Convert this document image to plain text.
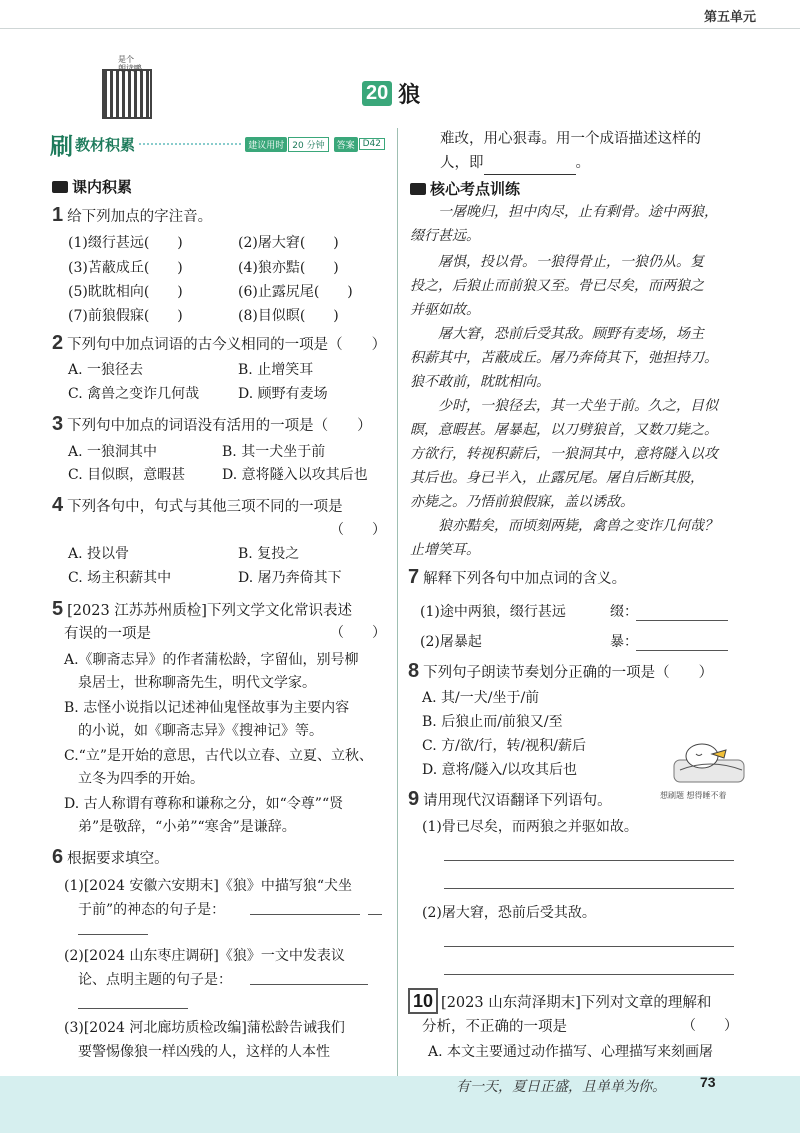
第五单元
是个
朗读鸭
20 狼
刷 教材积累	建议用时 20 分钟	答案 D42
课内积累
1 给下列加点的字注音。
(1)缀行甚远(　　)	(2)屠大窘(　　)
(3)苫蔽成丘(　　)	(4)狼亦黠(　　)
(5)眈眈相向(　　)	(6)止露尻尾(　　)
(7)前狼假寐(　　)	(8)目似瞑(　　)
2 下列句中加点词语的古今义相同的一项是（　　）
A. 一狼径去	B. 止增笑耳
C. 禽兽之变诈几何哉	D. 顾野有麦场
3 下列句中加点的词语没有活用的一项是（　　）
A. 一狼洞其中	B. 其一犬坐于前
C. 目似瞑，意暇甚	D. 意将隧入以攻其后也
4 下列各句中，句式与其他三项不同的一项是
（　　）
A. 投以骨	B. 复投之
C. 场主积薪其中	D. 屠乃奔倚其下
5 [2023 江苏苏州质检]下列文学文化常识表述
有误的一项是	（　　）
A.《聊斋志异》的作者蒲松龄，字留仙，别号柳
泉居士，世称聊斋先生，明代文学家。
B. 志怪小说指以记述神仙鬼怪故事为主要内容
的小说，如《聊斋志异》《搜神记》等。
C.“立”是开始的意思，古代以立春、立夏、立秋、
立冬为四季的开始。
D. 古人称谓有尊称和谦称之分，如“令尊”“贤
弟”是敬辞，“小弟”“寒舍”是谦辞。
6 根据要求填空。
(1)[2024 安徽六安期末]《狼》中描写狼“犬坐
于前”的神态的句子是：
(2)[2024 山东枣庄调研]《狼》一文中发表议
论、点明主题的句子是：
(3)[2024 河北廊坊质检改编]蒲松龄告诫我们
要警惕像狼一样凶残的人，这样的人本性
难改，用心狠毒。用一个成语描述这样的
人，即	。
核心考点训练
一屠晚归，担中肉尽，止有剩骨。途中两狼，
缀行甚远。
屠惧，投以骨。一狼得骨止，一狼仍从。复
投之，后狼止而前狼又至。骨已尽矣，而两狼之
并驱如故。
屠大窘，恐前后受其敌。顾野有麦场，场主
积薪其中，苫蔽成丘。屠乃奔倚其下，弛担持刀。
狼不敢前，眈眈相向。
少时，一狼径去，其一犬坐于前。久之，目似
瞑，意暇甚。屠暴起，以刀劈狼首，又数刀毙之。
方欲行，转视积薪后，一狼洞其中，意将隧入以攻
其后也。身已半入，止露尻尾。屠自后断其股，
亦毙之。乃悟前狼假寐，盖以诱敌。
狼亦黠矣，而顷刻两毙，禽兽之变诈几何哉？
止增笑耳。
7 解释下列各句中加点词的含义。
(1)途中两狼，缀行甚远	缀：
(2)屠暴起	暴：
8 下列句子朗读节奏划分正确的一项是（　　）
A. 其/一犬/坐于/前
B. 后狼止而/前狼又/至
C. 方/欲/行，转/视积/薪后
D. 意将/隧入/以攻其后也
想刷题 想得睡不着
9 请用现代汉语翻译下列语句。
(1)骨已尽矣，而两狼之并驱如故。
(2)屠大窘，恐前后受其敌。
10 [2023 山东菏泽期末]下列对文章的理解和
分析，不正确的一项是	（　　）
A. 本文主要通过动作描写、心理描写来刻画屠
有一天，夏日正盛，且单单为你。 73
